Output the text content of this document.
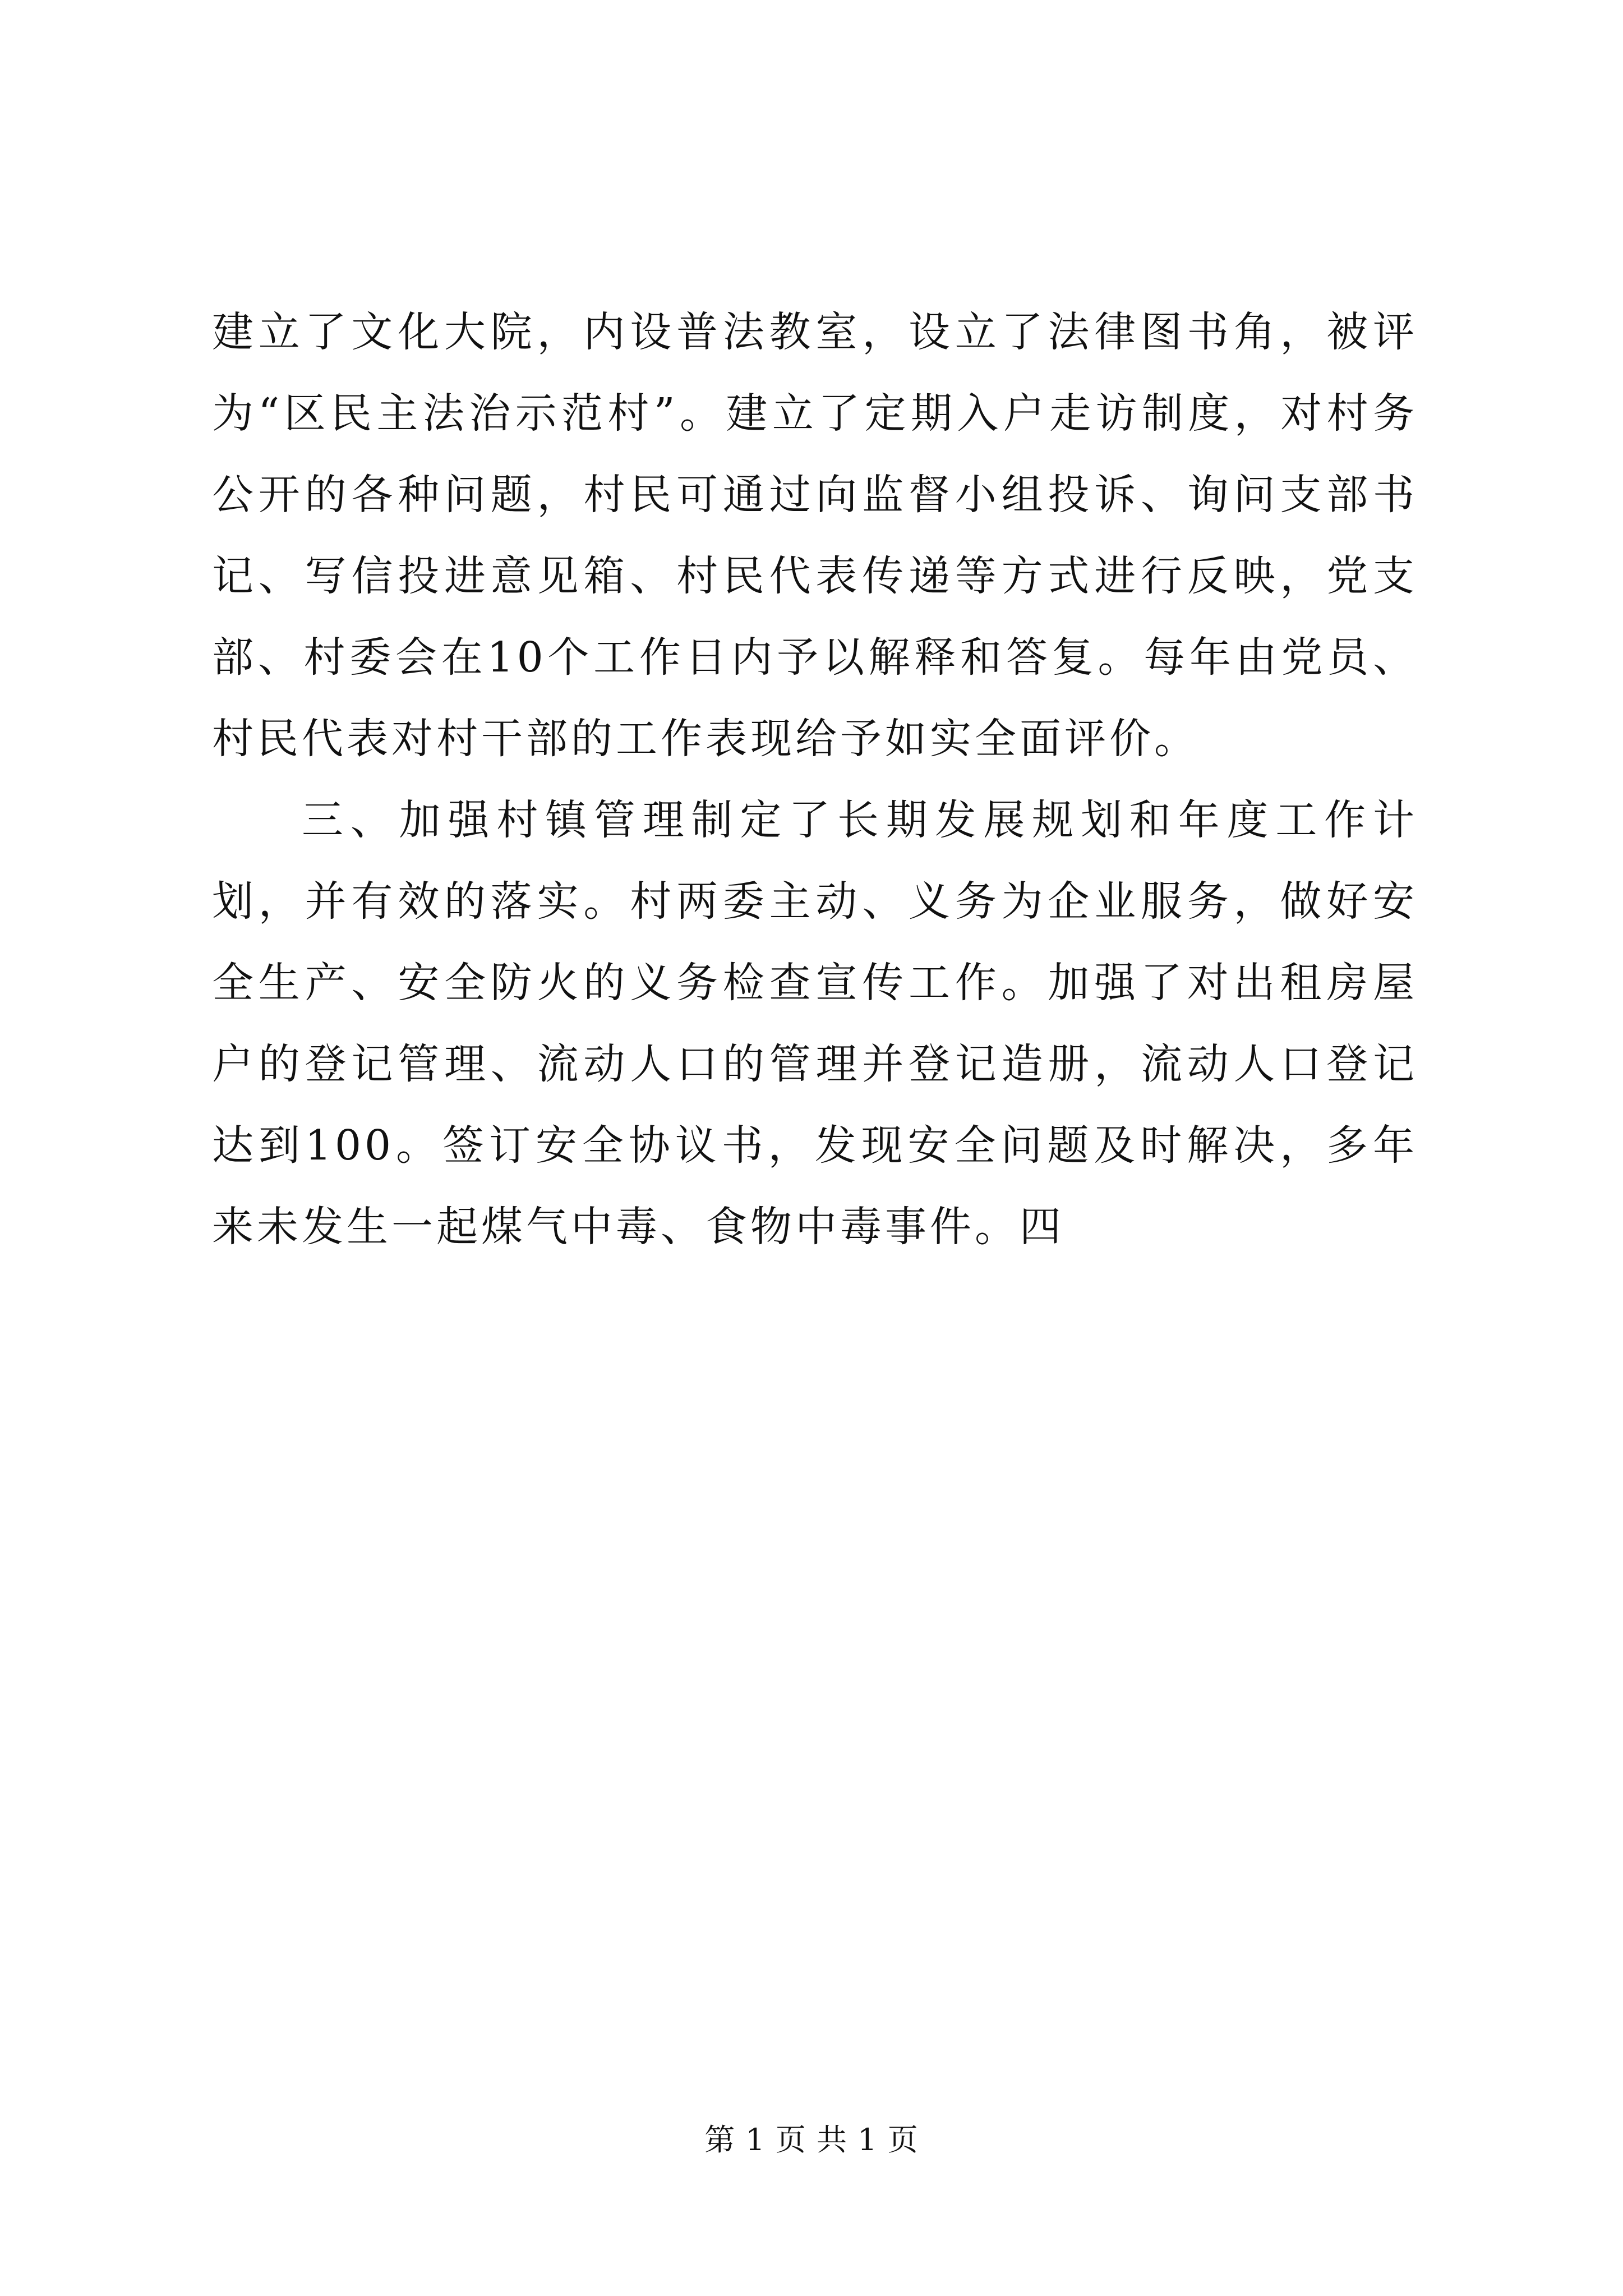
建立了文化大院，内设普法教室，设立了法律图书角，被评为“区民主法治示范村”。建立了定期入户走访制度，对村务公开的各种问题，村民可通过向监督小组投诉、询问支部书记、写信投进意见箱、村民代表传递等方式进行反映，党支部、村委会在10个工作日内予以解释和答复。每年由党员、村民代表对村干部的工作表现给予如实全面评价。

三、加强村镇管理制定了长期发展规划和年度工作计划，并有效的落实。村两委主动、义务为企业服务，做好安全生产、安全防火的义务检查宣传工作。加强了对出租房屋户的登记管理、流动人口的管理并登记造册，流动人口登记达到100。签订安全协议书，发现安全问题及时解决，多年来未发生一起煤气中毒、食物中毒事件。四

第 1 页 共 1 页
